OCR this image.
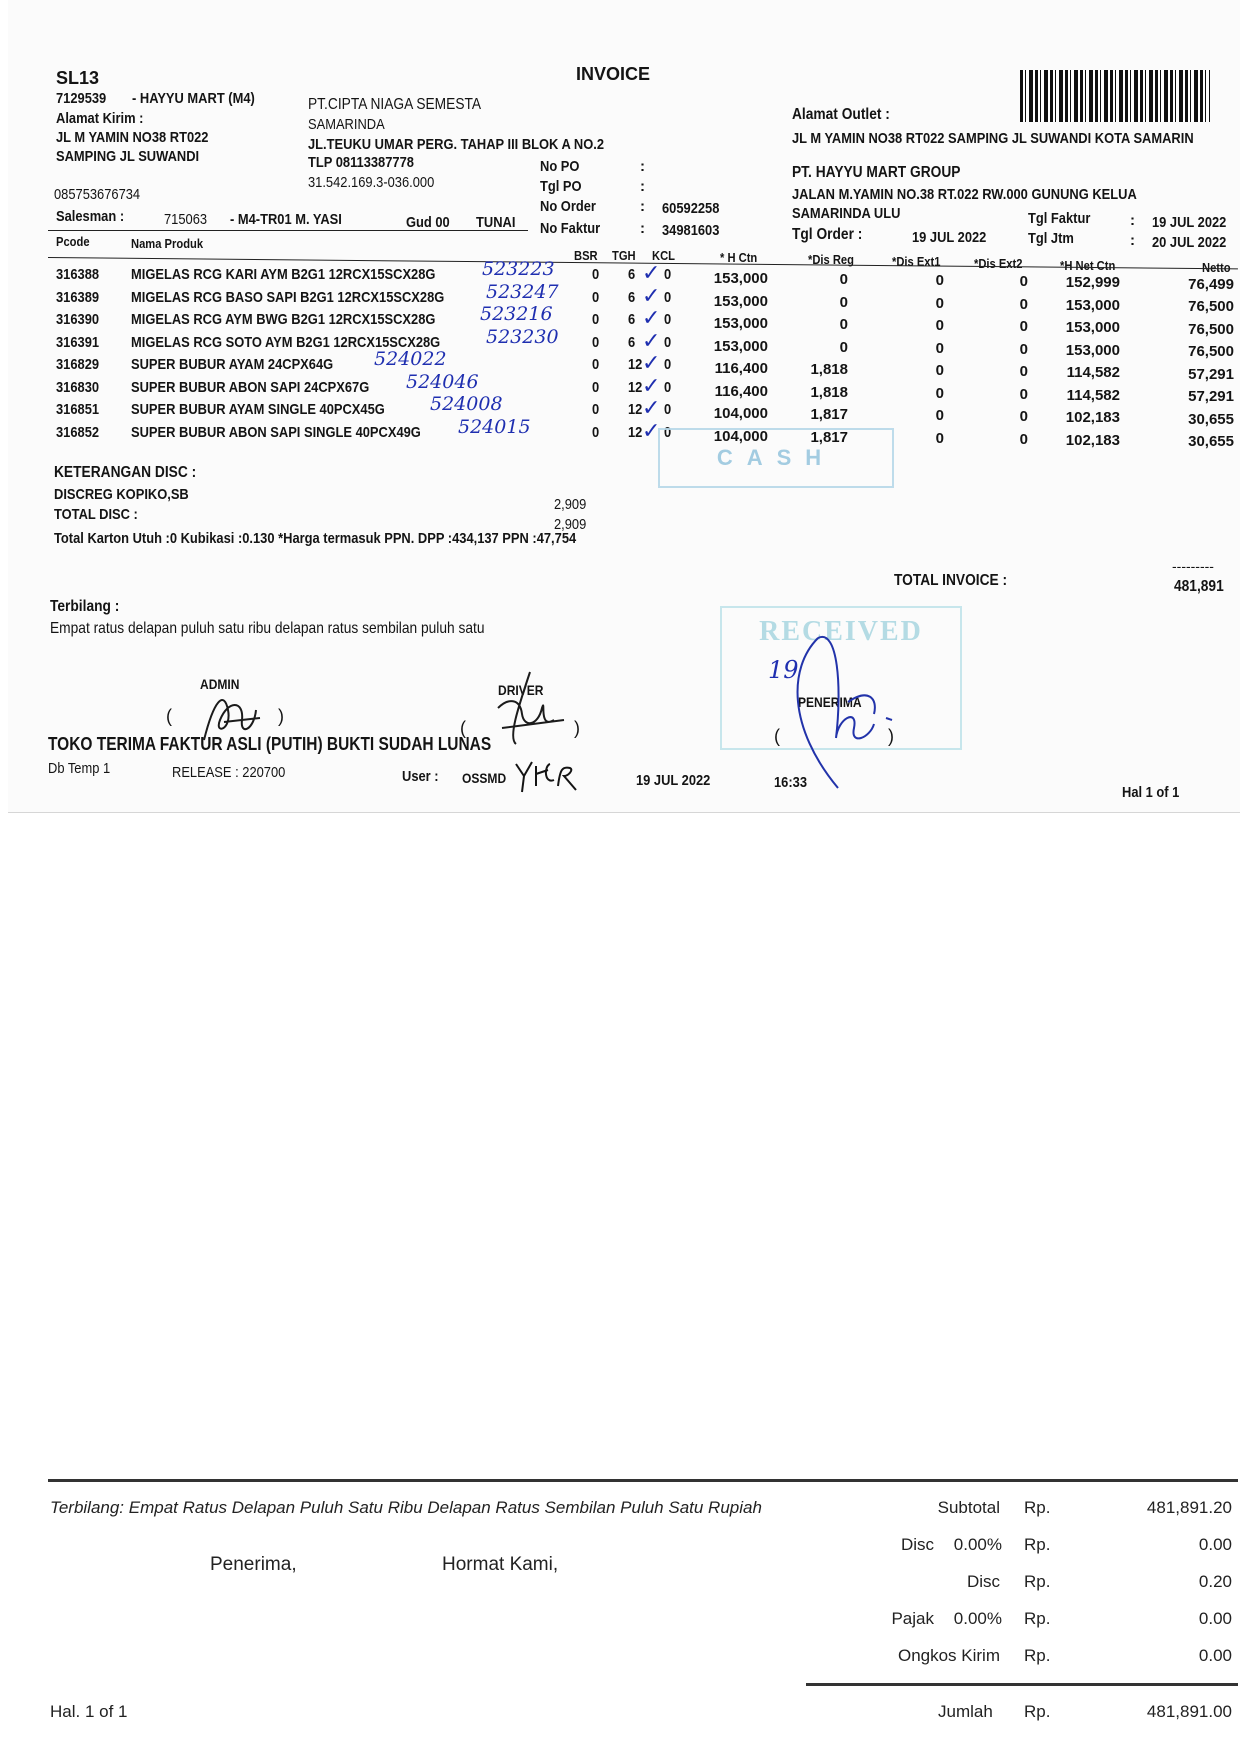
INVOICE
SL13
7129539 - HAYYU MART (M4)
Alamat Kirim :
JL M YAMIN NO38 RT022
SAMPING JL SUWANDI
085753676734
PT.CIPTA NIAGA SEMESTA
SAMARINDA
JL.TEUKU UMAR PERG. TAHAP III BLOK A NO.2
TLP 08113387778
31.542.169.3-036.000
No PO	:
Tgl PO	:
No Order	: 60592258
No Faktur	: 34981603
Salesman :	715063 - M4-TR01 M. YASI	Gud 00 TUNAI
Alamat Outlet :
JL M YAMIN NO38 RT022 SAMPING JL SUWANDI KOTA SAMARIN
PT. HAYYU MART GROUP
JALAN M.YAMIN NO.38 RT.022 RW.000 GUNUNG KELUA
SAMARINDA ULU
Tgl Order :	19 JUL 2022
Tgl Faktur	: 19 JUL 2022
Tgl Jtm	: 20 JUL 2022
Pcode	Nama Produk
BSR TGH KCL	* H Ctn	*Dis Reg	*Dis Ext1	*Dis Ext2	*H Net Ctn	Netto
316388 MIGELAS RCG KARI AYM B2G1 12RCX15SCX28G	0 6 0	153,000	0	0	0	152,999	76,499
523223	✓
316389 MIGELAS RCG BASO SAPI B2G1 12RCX15SCX28G	0 6 0	153,000	0	0	0	153,000	76,500
523247	✓
316390 MIGELAS RCG AYM BWG B2G1 12RCX15SCX28G	0 6 0	153,000	0	0	0	153,000	76,500
523216	✓
316391 MIGELAS RCG SOTO AYM B2G1 12RCX15SCX28G	0 6 0	153,000	0	0	0	153,000	76,500
523230	✓
316829 SUPER BUBUR AYAM 24CPX64G	0 12 0	116,400	1,818	0	0	114,582	57,291
524022	✓
316830 SUPER BUBUR ABON SAPI 24CPX67G	0 12 0	116,400	1,818	0	0	114,582	57,291
524046	✓
316851 SUPER BUBUR AYAM SINGLE 40PCX45G	0 12 0	104,000	1,817	0	0	102,183	30,655
524008	✓
316852 SUPER BUBUR ABON SAPI SINGLE 40PCX49G	0 12 0	104,000	1,817	0	0	102,183	30,655
524015	✓
CASH
KETERANGAN DISC :
DISCREG KOPIKO,SB
2,909
TOTAL DISC :
2,909
Total Karton Utuh :0 Kubikasi :0.130 *Harga termasuk PPN. DPP :434,137 PPN :47,754
TOTAL INVOICE :
---------
481,891
Terbilang :
Empat ratus delapan puluh satu ribu delapan ratus sembilan puluh satu	RECEIVED
ADMIN
(	)
DRIVER
(	)
PENERIMA
(	)
19
TOKO TERIMA FAKTUR ASLI (PUTIH) BUKTI SUDAH LUNAS
Db Temp 1	RELEASE : 220700	User : OSSMD	19 JUL 2022	16:33
Hal 1 of 1
Terbilang: Empat Ratus Delapan Puluh Satu Ribu Delapan Ratus Sembilan Puluh Satu Rupiah
Penerima,	Hormat Kami,
Hal. 1 of 1
Subtotal Rp.	481,891.20
Disc	0.00% Rp.	0.00
Disc Rp.	0.20
Pajak	0.00% Rp.	0.00
Ongkos Kirim Rp.	0.00
Jumlah Rp.	481,891.00
